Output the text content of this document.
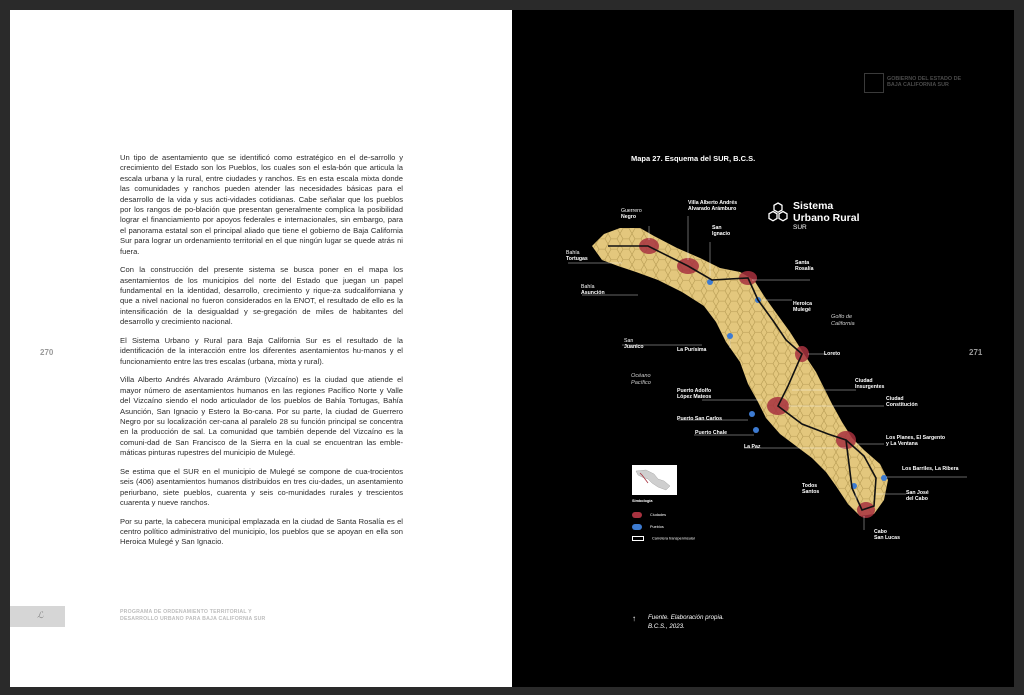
Un tipo de asentamiento que se identificó como estratégico en el de-sarrollo y crecimiento del Estado son los Pueblos, los cuales son el esla-bón que articula la escala urbana y la rural, entre ciudades y ranchos. Es en esta escala mixta donde las comunidades y ranchos pueden atender las necesidades básicas para el desarrollo de la vida y sus acti-vidades cotidianas. Cabe señalar que los pueblos por los rangos de po-blación que presentan generalmente complica la posibilidad lograr el financiamiento por apoyos federales e internacionales, sin embargo, para el panorama estatal son el principal aliado que tiene el gobierno de Baja California Sur para lograr un ordenamiento territorial en el que ningún lugar se quede atrás ni fuera.

Con la construcción del presente sistema se busca poner en el mapa los asentamientos de los municipios del norte del Estado que juegan un papel fundamental en la identidad, desarrollo, crecimiento y rique-za sudcaliforniana y que a nivel nacional no fueron considerados en la ENOT, el resultado de ello es la intensificación de la desigualdad y se-gregación de miles de habitantes del desarrollo y crecimiento nacional.

El Sistema Urbano y Rural para Baja California Sur es el resultado de la identificación de la interacción entre los diferentes asentamientos hu-manos y el funcionamiento entre las tres escalas (urbana, mixta y rural).

Villa Alberto Andrés Alvarado Arámburo (Vizcaíno) es la ciudad que atiende el mayor número de asentamientos humanos en las regiones Pacífico Norte y Valle del Vizcaíno siendo el nodo articulador de los pueblos de Bahía Tortugas, Bahía Asunción, San Ignacio y Estero la Bo-cana. Por su parte, la ciudad de Guerrero Negro por su localización cer-cana al paralelo 28 su función principal se concentra en la producción de sal. La comunidad que también depende del Vizcaíno es la comuni-dad de San Francisco de la Sierra en la cual se encuentran las emble-máticas pinturas rupestres del municipio de Mulegé.

Se estima que el SUR en el municipio de Mulegé se compone de cua-trocientos seis (406) asentamientos humanos distribuidos en tres ciu-dades, un asentamiento periurbano, siete pueblos, cuarenta y seis co-munidades rurales y trescientos cuarenta y nueve ranchos.

Por su parte, la cabecera municipal emplazada en la ciudad de Santa Rosalía es el centro político administrativo del municipio, los pueblos que se apoyan en ella son Heroica Mulegé y San Ignacio.

270
ℒ	PROGRAMA DE ORDENAMIENTO TERRITORIAL Y
DESARROLLO URBANO PARA BAJA CALIFORNIA SUR
GOBIERNO DEL ESTADO DE
BAJA CALIFORNIA SUR
Mapa 27. Esquema del SUR, B.C.S.
Sistema
Urbano Rural
SUR
Guerrero
Negro
Villa Alberto Andrés
Alvarado Arámburo
San
Ignacio
Bahía
Tortugas
Santa
Rosalía
Bahía
Asunción
Heroica
Mulegé
San
Juanico	La Purísima
Loreto
Ciudad
Insurgentes
Puerto Adolfo
López Mateos	Ciudad
Constitución
Puerto San Carlos
Puerto Chale
Los Planes, El Sargento
y La Ventana
La Paz
Los Barriles, La Ribera
Todos
Santos	San José
del Cabo
Cabo
San Lucas
Golfo de
California
Océano
Pacífico
Simbología
Ciudades
Pueblos
Carretera transpeninsular
↑ Fuente. Elaboración propia.
B.C.S., 2023.
271
